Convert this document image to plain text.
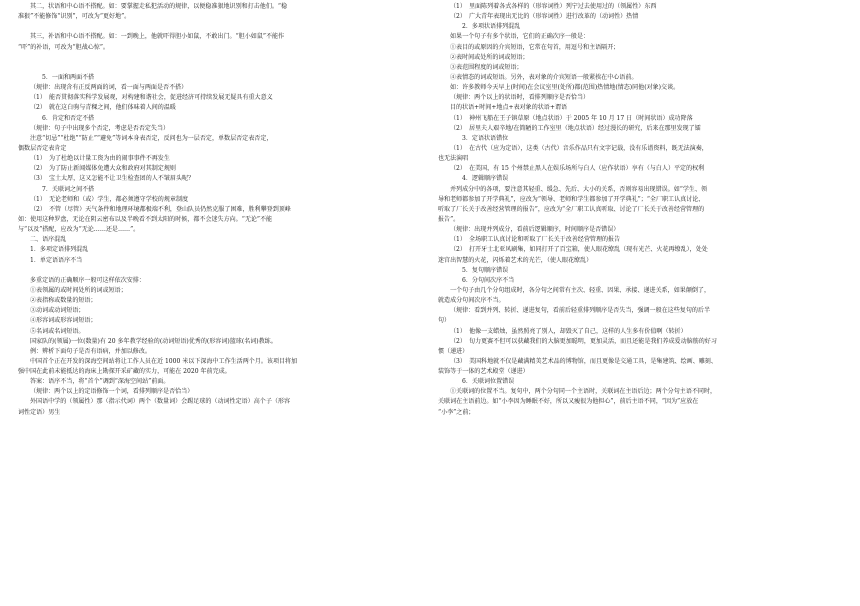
其二，状语和中心语不搭配。如：要掌握走私犯活动的规律，以便稳准狠地识别和打击他们。“稳
准狠”不能修饰“识别”，可改为“更好地”。
其三，补语和中心语不搭配。如：一到晚上，他就吓得胆小如鼠，不敢出门。“胆小如鼠”不能作
“吓”的补语，可改为“胆战心惊”。
5．一面和两面不搭
（规律：出现含有正反两面的词，看一面与两面是否不搭）
（1）　能否贯彻落实科学发展观，对构建和谐社会，促进经济可持续发展无疑具有重大意义
（2）　就在这白驹与青稞之间，他们体味着人间的温暖
6．肯定和否定不搭
（规律：句子中出现多个否定，考虑是否否定失当）
注意“切忌”“杜绝”“防止”“避免”等词本身表否定，反问也为一层否定，单数层否定表否定，
偶数层否定表肯定
（1）　为了杜绝以计量工资为由的闹事事件不再发生
（2）　为了防止新闻媒体免遭大众和政府对其制定规则
（3）　宝土太厚，这又怎能不让卫生检查团的人不皱眉头呢？
7．关联词之间不搭
（1）　无论老师和（或）学生，都必须遵守学校的规章制度
（2）　不管（尽管）天气条件和地理环境都极端不利，登山队员仍然克服了困难，胜利攀登到顶峰
如：使用这种罗盘，无论在阴云密布以及半晚看不到太阳的时候，都不会迷失方向。“无论”不能
与“以及”搭配，应改为“无论……还是……”。
二、语序混乱
1．多项定语排列混乱
1．单定语语序不当
多重定语的正确顺序一般可这样依次安排：
①表领属的或时间处所的词或短语；
②表指称或数量的短语；
③动词或动词短语；
④形容词或形容词短语；
⑤名词或名词短语。
国家队的(领属)一位(数量)有 20 多年教学经验的(动词短语)优秀的(形容词)篮球(名词)教练。
例：辨析下面句子是否有语病，并加以修改。
中国首个正在开发的深海空间站将让工作人员在近 1000 米以下深海中工作生活两个月。该项目将加
强中国在此前未能抵达的海床上勘探开采矿藏的实力，可能在 2020 年前完成。
答案：语序不当，将“首个”调到“深海空间站”前面。
（规律：两个以上的定语修饰一个词，看排列顺序是否恰当）
外国语中学的（领属性）那（指示代词）两个（数量词）会踢足球的（动词性定语）高个子（形容
词性定语）男生
（1）　里面陈列着各式各样的（形容词性）列宁过去使用过的（领属性）东西
（2）　广大青年表现出无比的（形容词性）进行改革的（动词性）热情
2．多项状语排列混乱
如果一个句子有多个状语，它们的正确次序一般是：
①表目的或原因的介宾短语，它常在句首，用逗号和主语隔开；
②表时间或处所的词或短语；
③表范围程度的词或短语；
④表情态的词或短语。另外，表对象的介宾短语一般紧挨在中心语前。
如：许多教师今天早上(时间)在会议室里(处所)都(范围)热情地(情态)同他(对象)交谈。
（规律：两个以上的状语时，看排列顺序是否恰当）
目的状语+时间+地点+表对象的状语+谓语
（1）　神州飞船在王子镇草原（地点状语）于 2005 年 10 月 17 日（时间状语）成功降落
（2）　居里夫人艰辛地/在简陋的工作室里（地点状语）经过漫长的研究，后来在那里发现了镭
3．定语状语错位
（1）　在古代（应为定语），这类（古代）音乐作品只有文字记载，没有乐谱资料，既无法演奏，
也无法演唱
（2）　在美国，有 15 个州禁止黑人在娱乐场所与白人（应作状语）享有（与白人）平定的权利
4．逻辑顺序错误
并列成分中的各项，要注意其轻重、缓急、先后、大小的关系，否则容易出现错误。如“学生、领
导和老师都参加了开学典礼”，应改为“领导、老师和学生都参加了开学典礼”；“全厂职工认真讨论、
听取了厂长关于改善经营管理的报告”，应改为“全厂职工认真听取、讨论了厂长关于改善经营管理的
报告”。
（规律：出现并列成分，看前后逻辑顺序，时间顺序是否错误）
（1）　全场职工认真讨论和听取了厂长关于改善经营管理的报告
（2）　打开牙士北亚风刷集，如同打开了百宝箱，使人眼花缭乱（现有光芒、火花再缭乱），处处
迷宫出智慧的火花，闪烁着艺术的光芒，（使人眼花缭乱）
5．复句顺序错误
6．分句间次序不当
一个句子由几个分句组成时，各分句之间常有主次、轻重、因果、承接、递进关系，如果颠倒了，
就造成分句间次序不当。
（规律：看到并列、转折、递进复句，看前后轻重排列顺序是否失当，强调一般在这些复句的后半
句）
（1）　他像一支蜡烛，虽然照亮了别人，却毁灭了自己，这样的人生多有价值啊（转折）
（2）　旬力更赛不但可以获藏我们的大脑更加聪明，更加灵活，而且还能是我们养成爱动脑筋的好习
惯（递进）
（3）　美国科地就不仅是藏满精美艺术品的博物馆，而且更像是交通工具，是集建筑、绘画、雕刻、
装饰等于一体的艺术殿堂（递进）
6．关联词位置错误
①关联词的位置不当。复句中，两个分句同一个主语时，关联词在主语后边；两个分句主语不同时，
关联词在主语前边。如“小李因为睡眠不好，所以又瘦很为他担心”，前后主语不同，“因为”应放在
“小李”之前；
